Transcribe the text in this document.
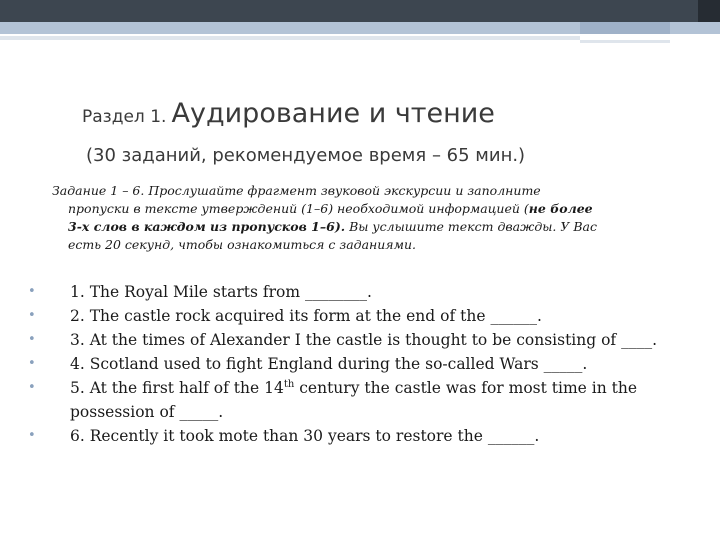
Раздел 1. Аудирование и чтение
(30 заданий, рекомендуемое время – 65 мин.)
Задание 1 – 6. Прослушайте фрагмент звуковой экскурсии и заполните
пропуски в тексте утверждений (1–6) необходимой информацией (не более
3-х слов в каждом из пропусков 1–6). Вы услышите текст дважды. У Вас
есть 20 секунд, чтобы ознакомиться с заданиями.
• 1. The Royal Mile starts from ________.
• 2. The castle rock acquired its form at the end of the ______.
• 3. At the times of Alexander I the castle is thought to be consisting of ____.
• 4. Scotland used to fight England during the so-called Wars _____.
• 5. At the first half of the 14th century the castle was for most time in the
possession of _____.
• 6. Recently it took mote than 30 years to restore the ______.
